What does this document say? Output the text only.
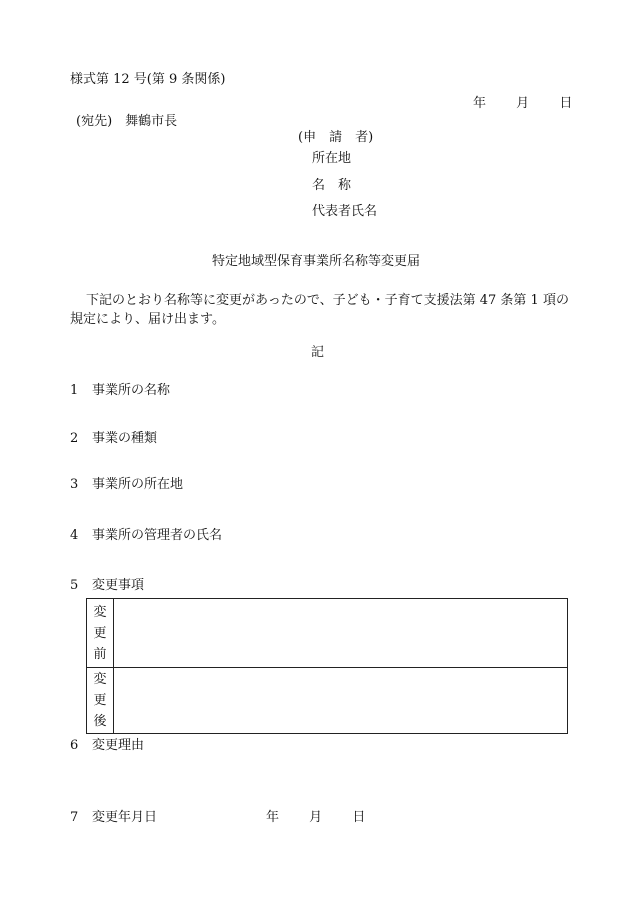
様式第 12 号(第 9 条関係)
年 月 日
(宛先)　舞鶴市長
(申　請　者)
所在地
名　称
代表者氏名
特定地域型保育事業所名称等変更届
下記のとおり名称等に変更があったので、子ども・子育て支援法第 47 条第 1 項の
規定により、届け出ます。
記
1 事業所の名称
2 事業の種類
3 事業所の所在地
4 事業所の管理者の氏名
5 変更事項
変
更
前
変
更
後
6 変更理由
7 変更年月日	年 月 日
